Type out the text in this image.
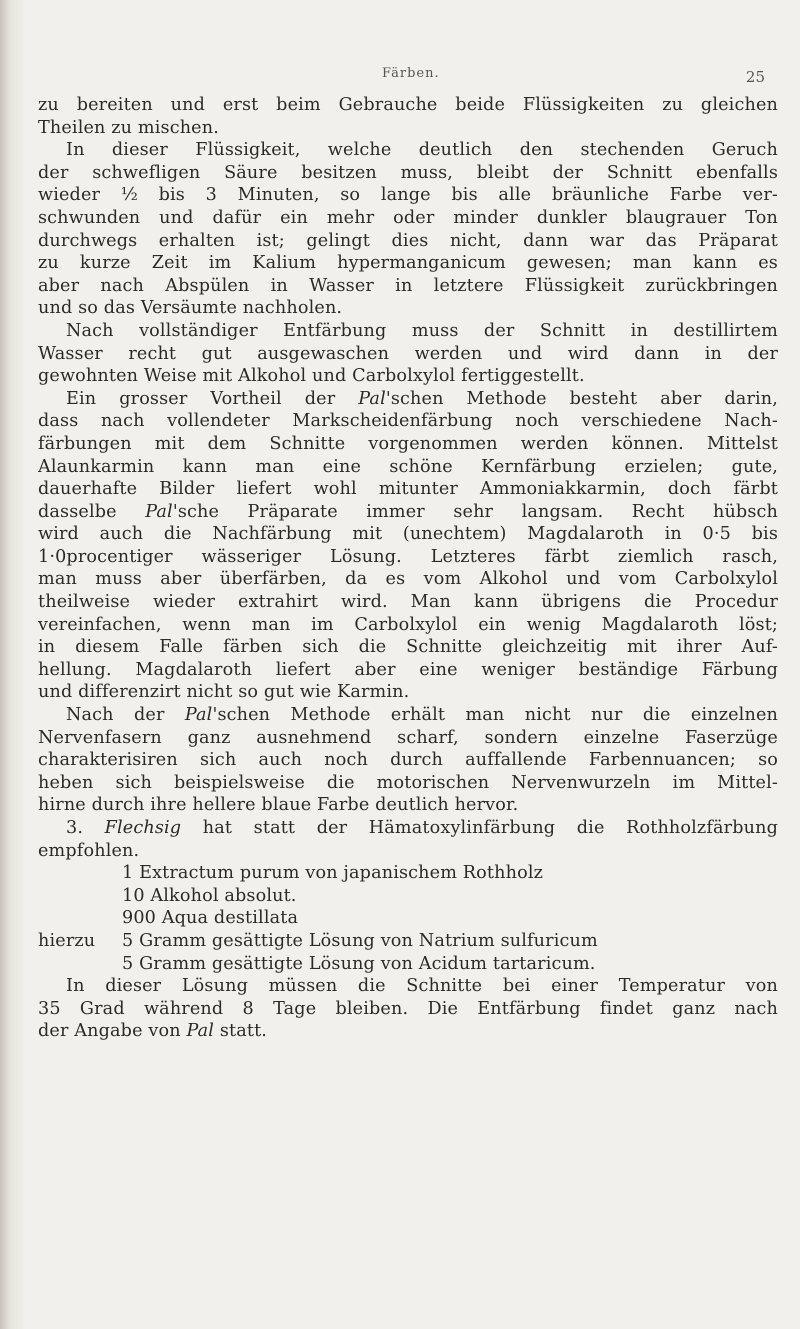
Färben.	25
zu bereiten und erst beim Gebrauche beide Flüssigkeiten zu gleichen
Theilen zu mischen.
In dieser Flüssigkeit, welche deutlich den stechenden Geruch
der schwefligen Säure besitzen muss, bleibt der Schnitt ebenfalls
wieder ½ bis 3 Minuten, so lange bis alle bräunliche Farbe ver-
schwunden und dafür ein mehr oder minder dunkler blaugrauer Ton
durchwegs erhalten ist; gelingt dies nicht, dann war das Präparat
zu kurze Zeit im Kalium hypermanganicum gewesen; man kann es
aber nach Abspülen in Wasser in letztere Flüssigkeit zurückbringen
und so das Versäumte nachholen.
Nach vollständiger Entfärbung muss der Schnitt in destillirtem
Wasser recht gut ausgewaschen werden und wird dann in der
gewohnten Weise mit Alkohol und Carbolxylol fertiggestellt.
Ein grosser Vortheil der Pal'schen Methode besteht aber darin,
dass nach vollendeter Markscheidenfärbung noch verschiedene Nach-
färbungen mit dem Schnitte vorgenommen werden können. Mittelst
Alaunkarmin kann man eine schöne Kernfärbung erzielen; gute,
dauerhafte Bilder liefert wohl mitunter Ammoniakkarmin, doch färbt
dasselbe Pal'sche Präparate immer sehr langsam. Recht hübsch
wird auch die Nachfärbung mit (unechtem) Magdalaroth in 0·5 bis
1·0procentiger wässeriger Lösung. Letzteres färbt ziemlich rasch,
man muss aber überfärben, da es vom Alkohol und vom Carbolxylol
theilweise wieder extrahirt wird. Man kann übrigens die Procedur
vereinfachen, wenn man im Carbolxylol ein wenig Magdalaroth löst;
in diesem Falle färben sich die Schnitte gleichzeitig mit ihrer Auf-
hellung. Magdalaroth liefert aber eine weniger beständige Färbung
und differenzirt nicht so gut wie Karmin.
Nach der Pal'schen Methode erhält man nicht nur die einzelnen
Nervenfasern ganz ausnehmend scharf, sondern einzelne Faserzüge
charakterisiren sich auch noch durch auffallende Farbennuancen; so
heben sich beispielsweise die motorischen Nervenwurzeln im Mittel-
hirne durch ihre hellere blaue Farbe deutlich hervor.
3. Flechsig hat statt der Hämatoxylinfärbung die Rothholzfärbung
empfohlen.
1 Extractum purum von japanischem Rothholz
10 Alkohol absolut.
900 Aqua destillata
hierzu 5 Gramm gesättigte Lösung von Natrium sulfuricum
5 Gramm gesättigte Lösung von Acidum tartaricum.
In dieser Lösung müssen die Schnitte bei einer Temperatur von
35 Grad während 8 Tage bleiben. Die Entfärbung findet ganz nach
der Angabe von Pal statt.
